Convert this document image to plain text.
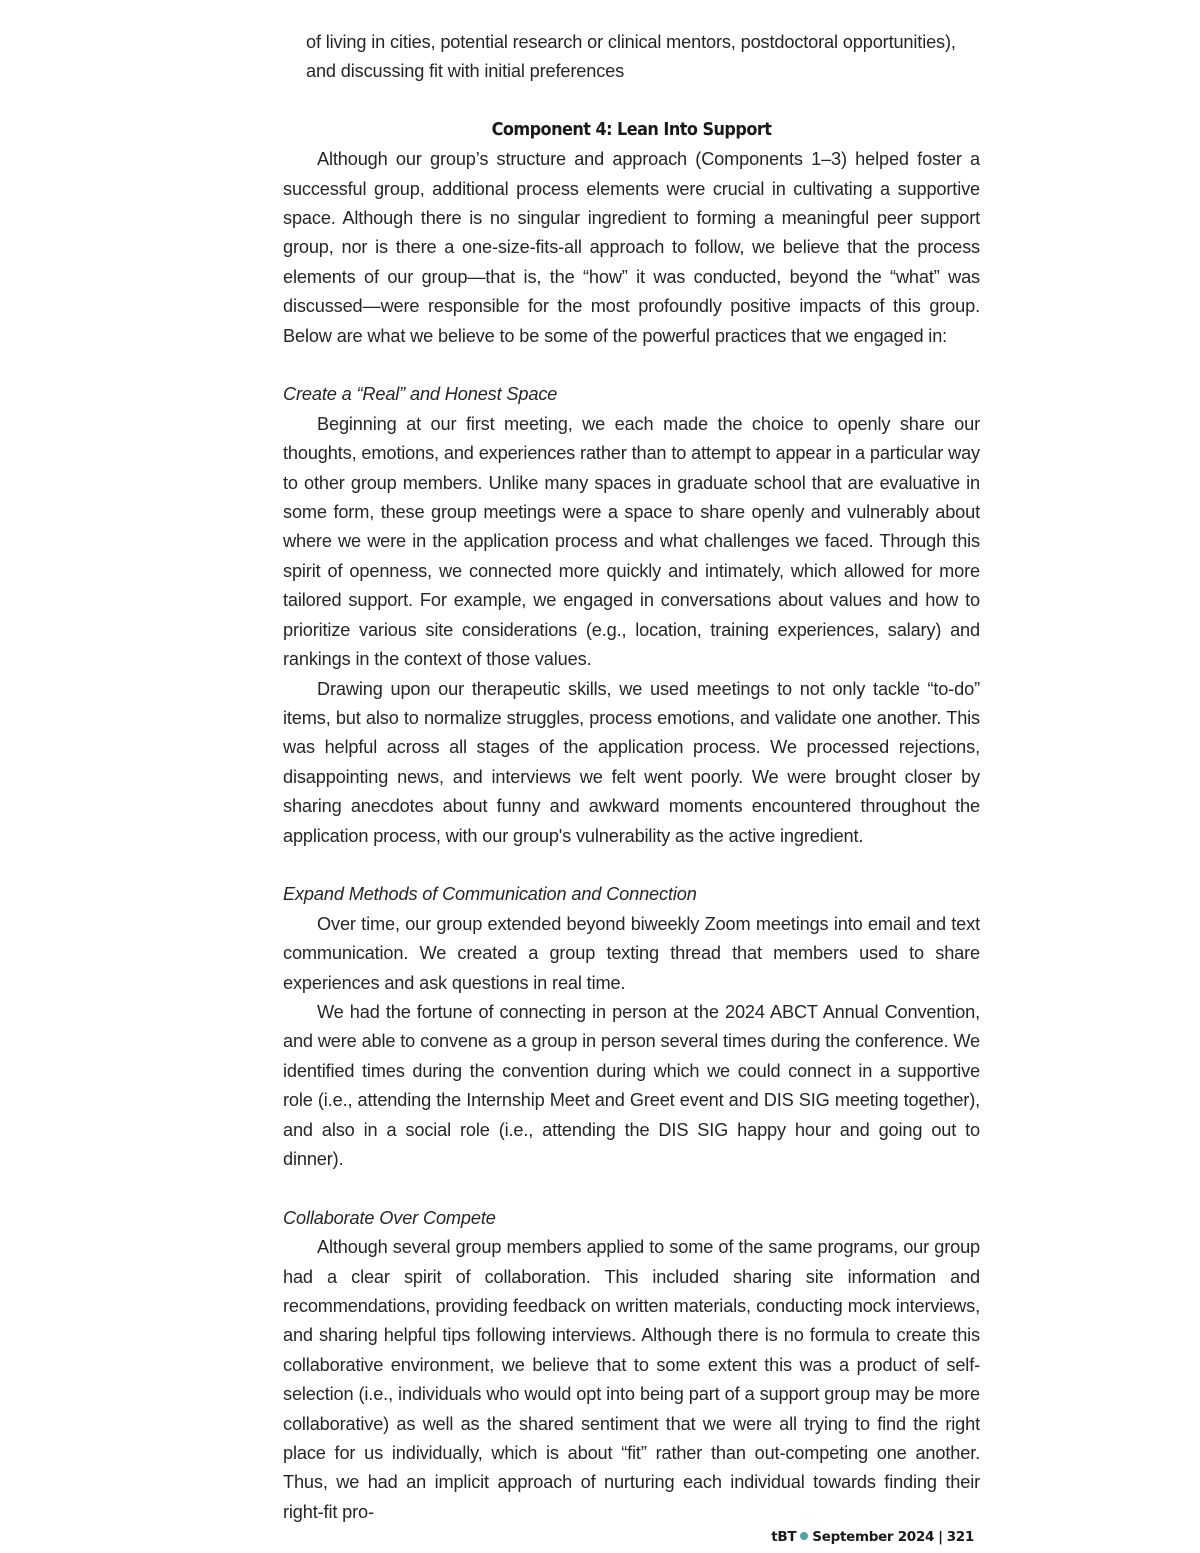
of living in cities, potential research or clinical mentors, postdoctoral opportunities), and discussing fit with initial preferences

Component 4: Lean Into Support

Although our group’s structure and approach (Components 1–3) helped foster a successful group, additional process elements were crucial in cultivating a supportive space. Although there is no singular ingredient to forming a meaningful peer support group, nor is there a one-size-fits-all approach to follow, we believe that the process elements of our group—that is, the “how” it was conducted, beyond the “what” was discussed—were responsible for the most profoundly positive impacts of this group. Below are what we believe to be some of the powerful practices that we engaged in:

Create a “Real” and Honest Space

Beginning at our first meeting, we each made the choice to openly share our thoughts, emotions, and experiences rather than to attempt to appear in a particular way to other group members. Unlike many spaces in graduate school that are evaluative in some form, these group meetings were a space to share openly and vulnerably about where we were in the application process and what challenges we faced. Through this spirit of openness, we connected more quickly and intimately, which allowed for more tailored support. For example, we engaged in conversations about values and how to prioritize various site considerations (e.g., location, training experiences, salary) and rankings in the context of those values.

Drawing upon our therapeutic skills, we used meetings to not only tackle “to-do” items, but also to normalize struggles, process emotions, and validate one another. This was helpful across all stages of the application process. We processed rejections, disappointing news, and interviews we felt went poorly. We were brought closer by sharing anecdotes about funny and awkward moments encountered throughout the application process, with our group's vulnerability as the active ingredient.

Expand Methods of Communication and Connection

Over time, our group extended beyond biweekly Zoom meetings into email and text communication. We created a group texting thread that members used to share experiences and ask questions in real time.

We had the fortune of connecting in person at the 2024 ABCT Annual Convention, and were able to convene as a group in person several times during the conference. We identified times during the convention during which we could connect in a supportive role (i.e., attending the Internship Meet and Greet event and DIS SIG meeting together), and also in a social role (i.e., attending the DIS SIG happy hour and going out to dinner).

Collaborate Over Compete

Although several group members applied to some of the same programs, our group had a clear spirit of collaboration. This included sharing site information and recommendations, providing feedback on written materials, conducting mock interviews, and sharing helpful tips following interviews. Although there is no formula to create this collaborative environment, we believe that to some extent this was a product of self-selection (i.e., individuals who would opt into being part of a support group may be more collaborative) as well as the shared sentiment that we were all trying to find the right place for us individually, which is about “fit” rather than out-competing one another. Thus, we had an implicit approach of nurturing each individual towards finding their right-fit pro-

tBT September 2024 | 321
